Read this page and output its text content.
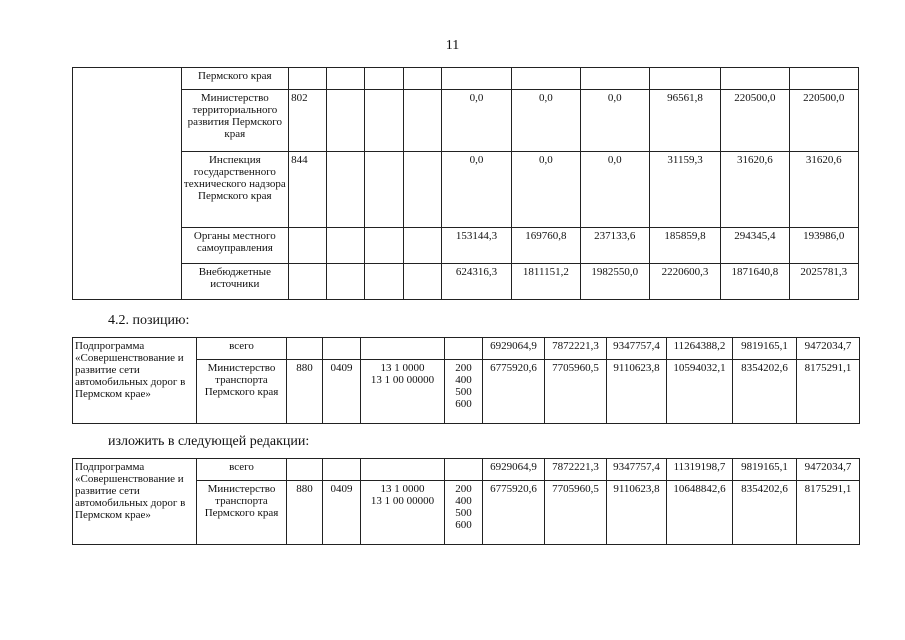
11
	Пермского края										
	Министерство территориального развития Пермского края	802				0,0	0,0	0,0	96561,8	220500,0	220500,0
	Инспекция государственного технического надзора Пермского края	844				0,0	0,0	0,0	31159,3	31620,6	31620,6
	Органы местного самоуправления					153144,3	169760,8	237133,6	185859,8	294345,4	193986,0
	Внебюджетные источники					624316,3	1811151,2	1982550,0	2220600,3	1871640,8	2025781,3
4.2. позицию:
Подпрограмма «Совершенствование и развитие сети автомобильных дорог в Пермском крае»	всего					6929064,9	7872221,3	9347757,4	11264388,2	9819165,1	9472034,7
	Министерство транспорта Пермского края	880	0409	13 1 0000
13 1 00 00000	200
400
500
600	6775920,6	7705960,5	9110623,8	10594032,1	8354202,6	8175291,1
изложить в следующей редакции:
Подпрограмма «Совершенствование и развитие сети автомобильных дорог в Пермском крае»	всего					6929064,9	7872221,3	9347757,4	11319198,7	9819165,1	9472034,7
	Министерство транспорта Пермского края	880	0409	13 1 0000
13 1 00 00000	200
400
500
600	6775920,6	7705960,5	9110623,8	10648842,6	8354202,6	8175291,1
